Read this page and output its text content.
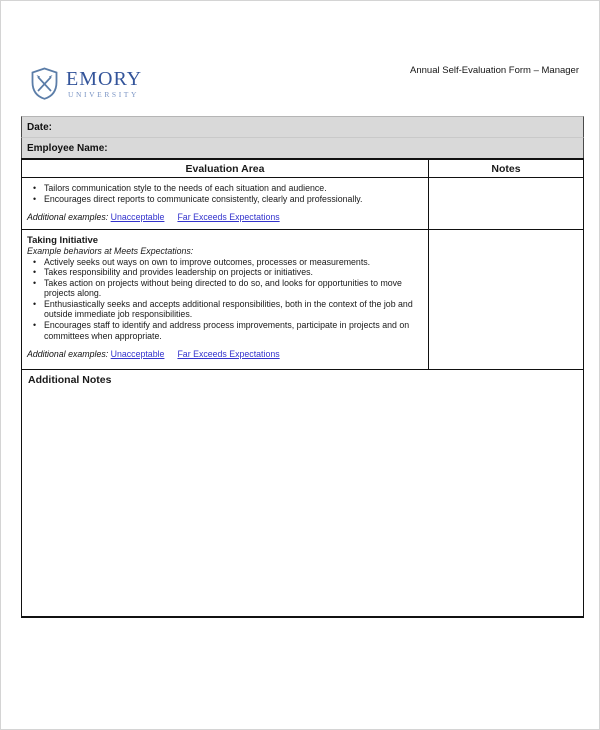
EMORY
UNIVERSITY
Annual Self-Evaluation Form – Manager
Date:
Employee Name:
Evaluation Area	Notes
• Tailors communication style to the needs of each situation and audience.
• Encourages direct reports to communicate consistently, clearly and professionally.
Additional examples: Unacceptable Far Exceeds Expectations
Taking Initiative
Example behaviors at Meets Expectations:
• Actively seeks out ways on own to improve outcomes, processes or measurements.
• Takes responsibility and provides leadership on projects or initiatives.
• Takes action on projects without being directed to do so, and looks for opportunities to move projects along.
• Enthusiastically seeks and accepts additional responsibilities, both in the context of the job and outside immediate job responsibilities.
• Encourages staff to identify and address process improvements, participate in projects and on committees when appropriate.
Additional examples: Unacceptable Far Exceeds Expectations
Additional Notes
